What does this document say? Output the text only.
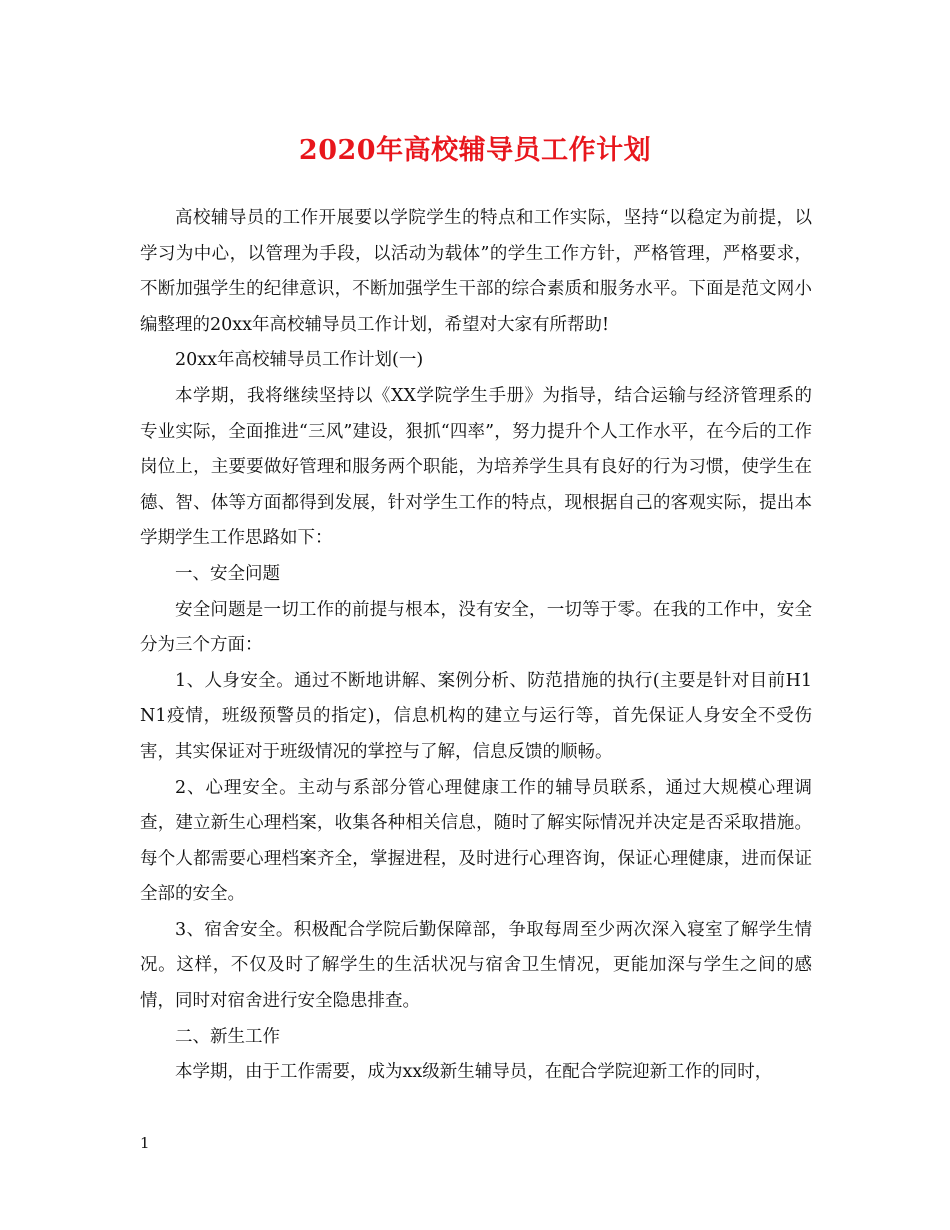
2020年高校辅导员工作计划

高校辅导员的工作开展要以学院学生的特点和工作实际，坚持“以稳定为前提，以学习为中心，以管理为手段，以活动为载体”的学生工作方针，严格管理，严格要求，不断加强学生的纪律意识，不断加强学生干部的综合素质和服务水平。下面是范文网小编整理的20xx年高校辅导员工作计划，希望对大家有所帮助!

20xx年高校辅导员工作计划(一)

本学期，我将继续坚持以《XX学院学生手册》为指导，结合运输与经济管理系的专业实际，全面推进“三风”建设，狠抓“四率”，努力提升个人工作水平，在今后的工作岗位上，主要要做好管理和服务两个职能，为培养学生具有良好的行为习惯，使学生在德、智、体等方面都得到发展，针对学生工作的特点，现根据自己的客观实际，提出本学期学生工作思路如下：

一、安全问题

安全问题是一切工作的前提与根本，没有安全，一切等于零。在我的工作中，安全分为三个方面：

1、人身安全。通过不断地讲解、案例分析、防范措施的执行(主要是针对目前H1N1疫情，班级预警员的指定)，信息机构的建立与运行等，首先保证人身安全不受伤害，其实保证对于班级情况的掌控与了解，信息反馈的顺畅。

2、心理安全。主动与系部分管心理健康工作的辅导员联系，通过大规模心理调查，建立新生心理档案，收集各种相关信息，随时了解实际情况并决定是否采取措施。每个人都需要心理档案齐全，掌握进程，及时进行心理咨询，保证心理健康，进而保证全部的安全。

3、宿舍安全。积极配合学院后勤保障部，争取每周至少两次深入寝室了解学生情况。这样，不仅及时了解学生的生活状况与宿舍卫生情况，更能加深与学生之间的感情，同时对宿舍进行安全隐患排查。

二、新生工作

本学期，由于工作需要，成为xx级新生辅导员，在配合学院迎新工作的同时，

1
